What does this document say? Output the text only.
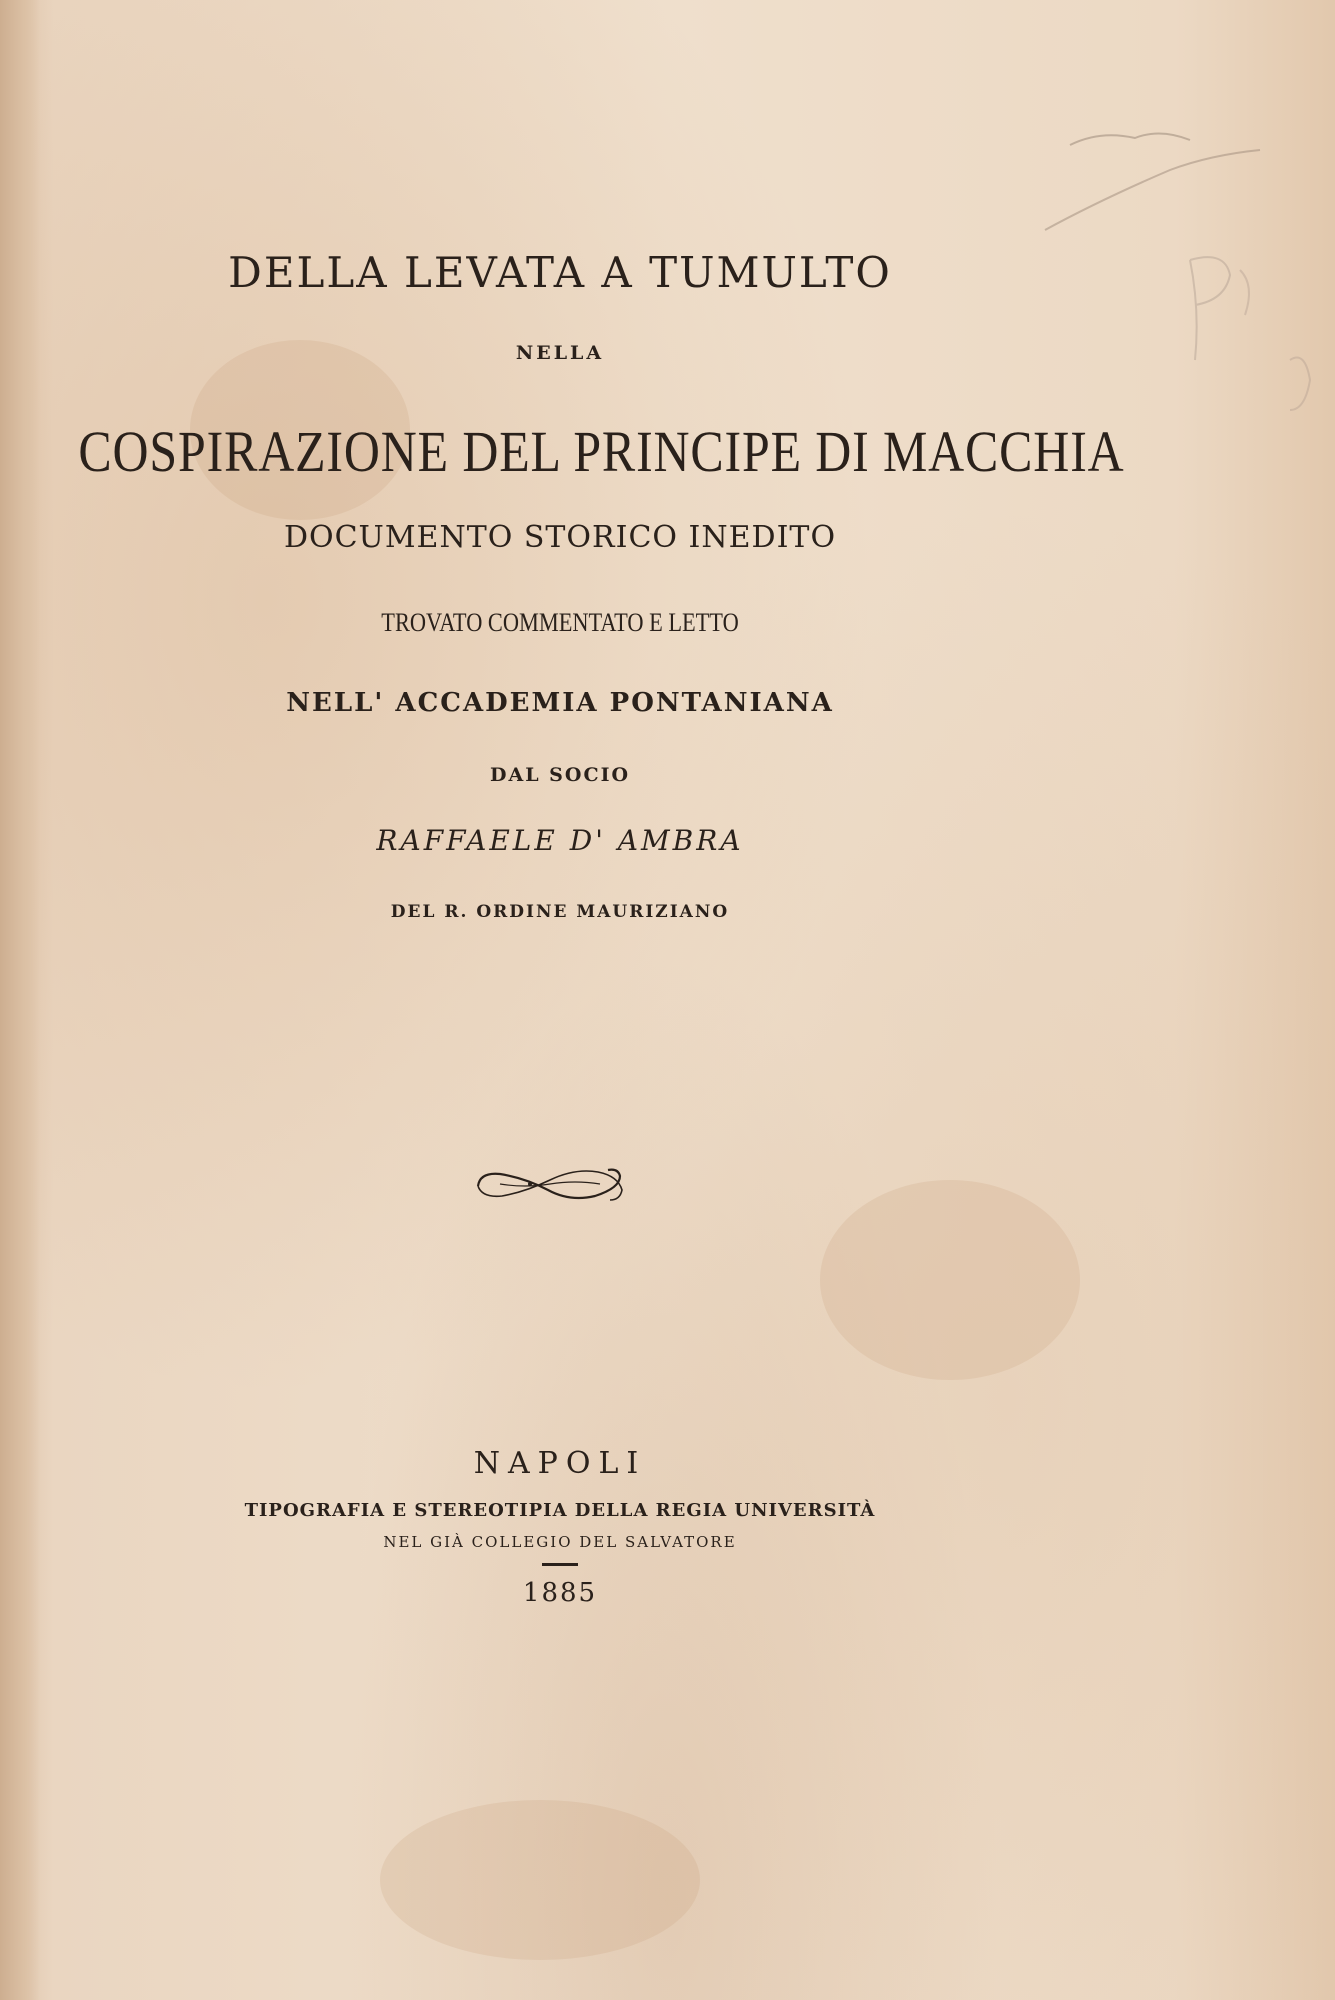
DELLA LEVATA A TUMULTO
NELLA
COSPIRAZIONE DEL PRINCIPE DI MACCHIA
DOCUMENTO STORICO INEDITO
TROVATO COMMENTATO E LETTO
NELL' ACCADEMIA PONTANIANA
DAL SOCIO
RAFFAELE D' AMBRA
DEL R. ORDINE MAURIZIANO
NAPOLI
TIPOGRAFIA E STEREOTIPIA DELLA REGIA UNIVERSITÀ
NEL GIÀ COLLEGIO DEL SALVATORE
1885
